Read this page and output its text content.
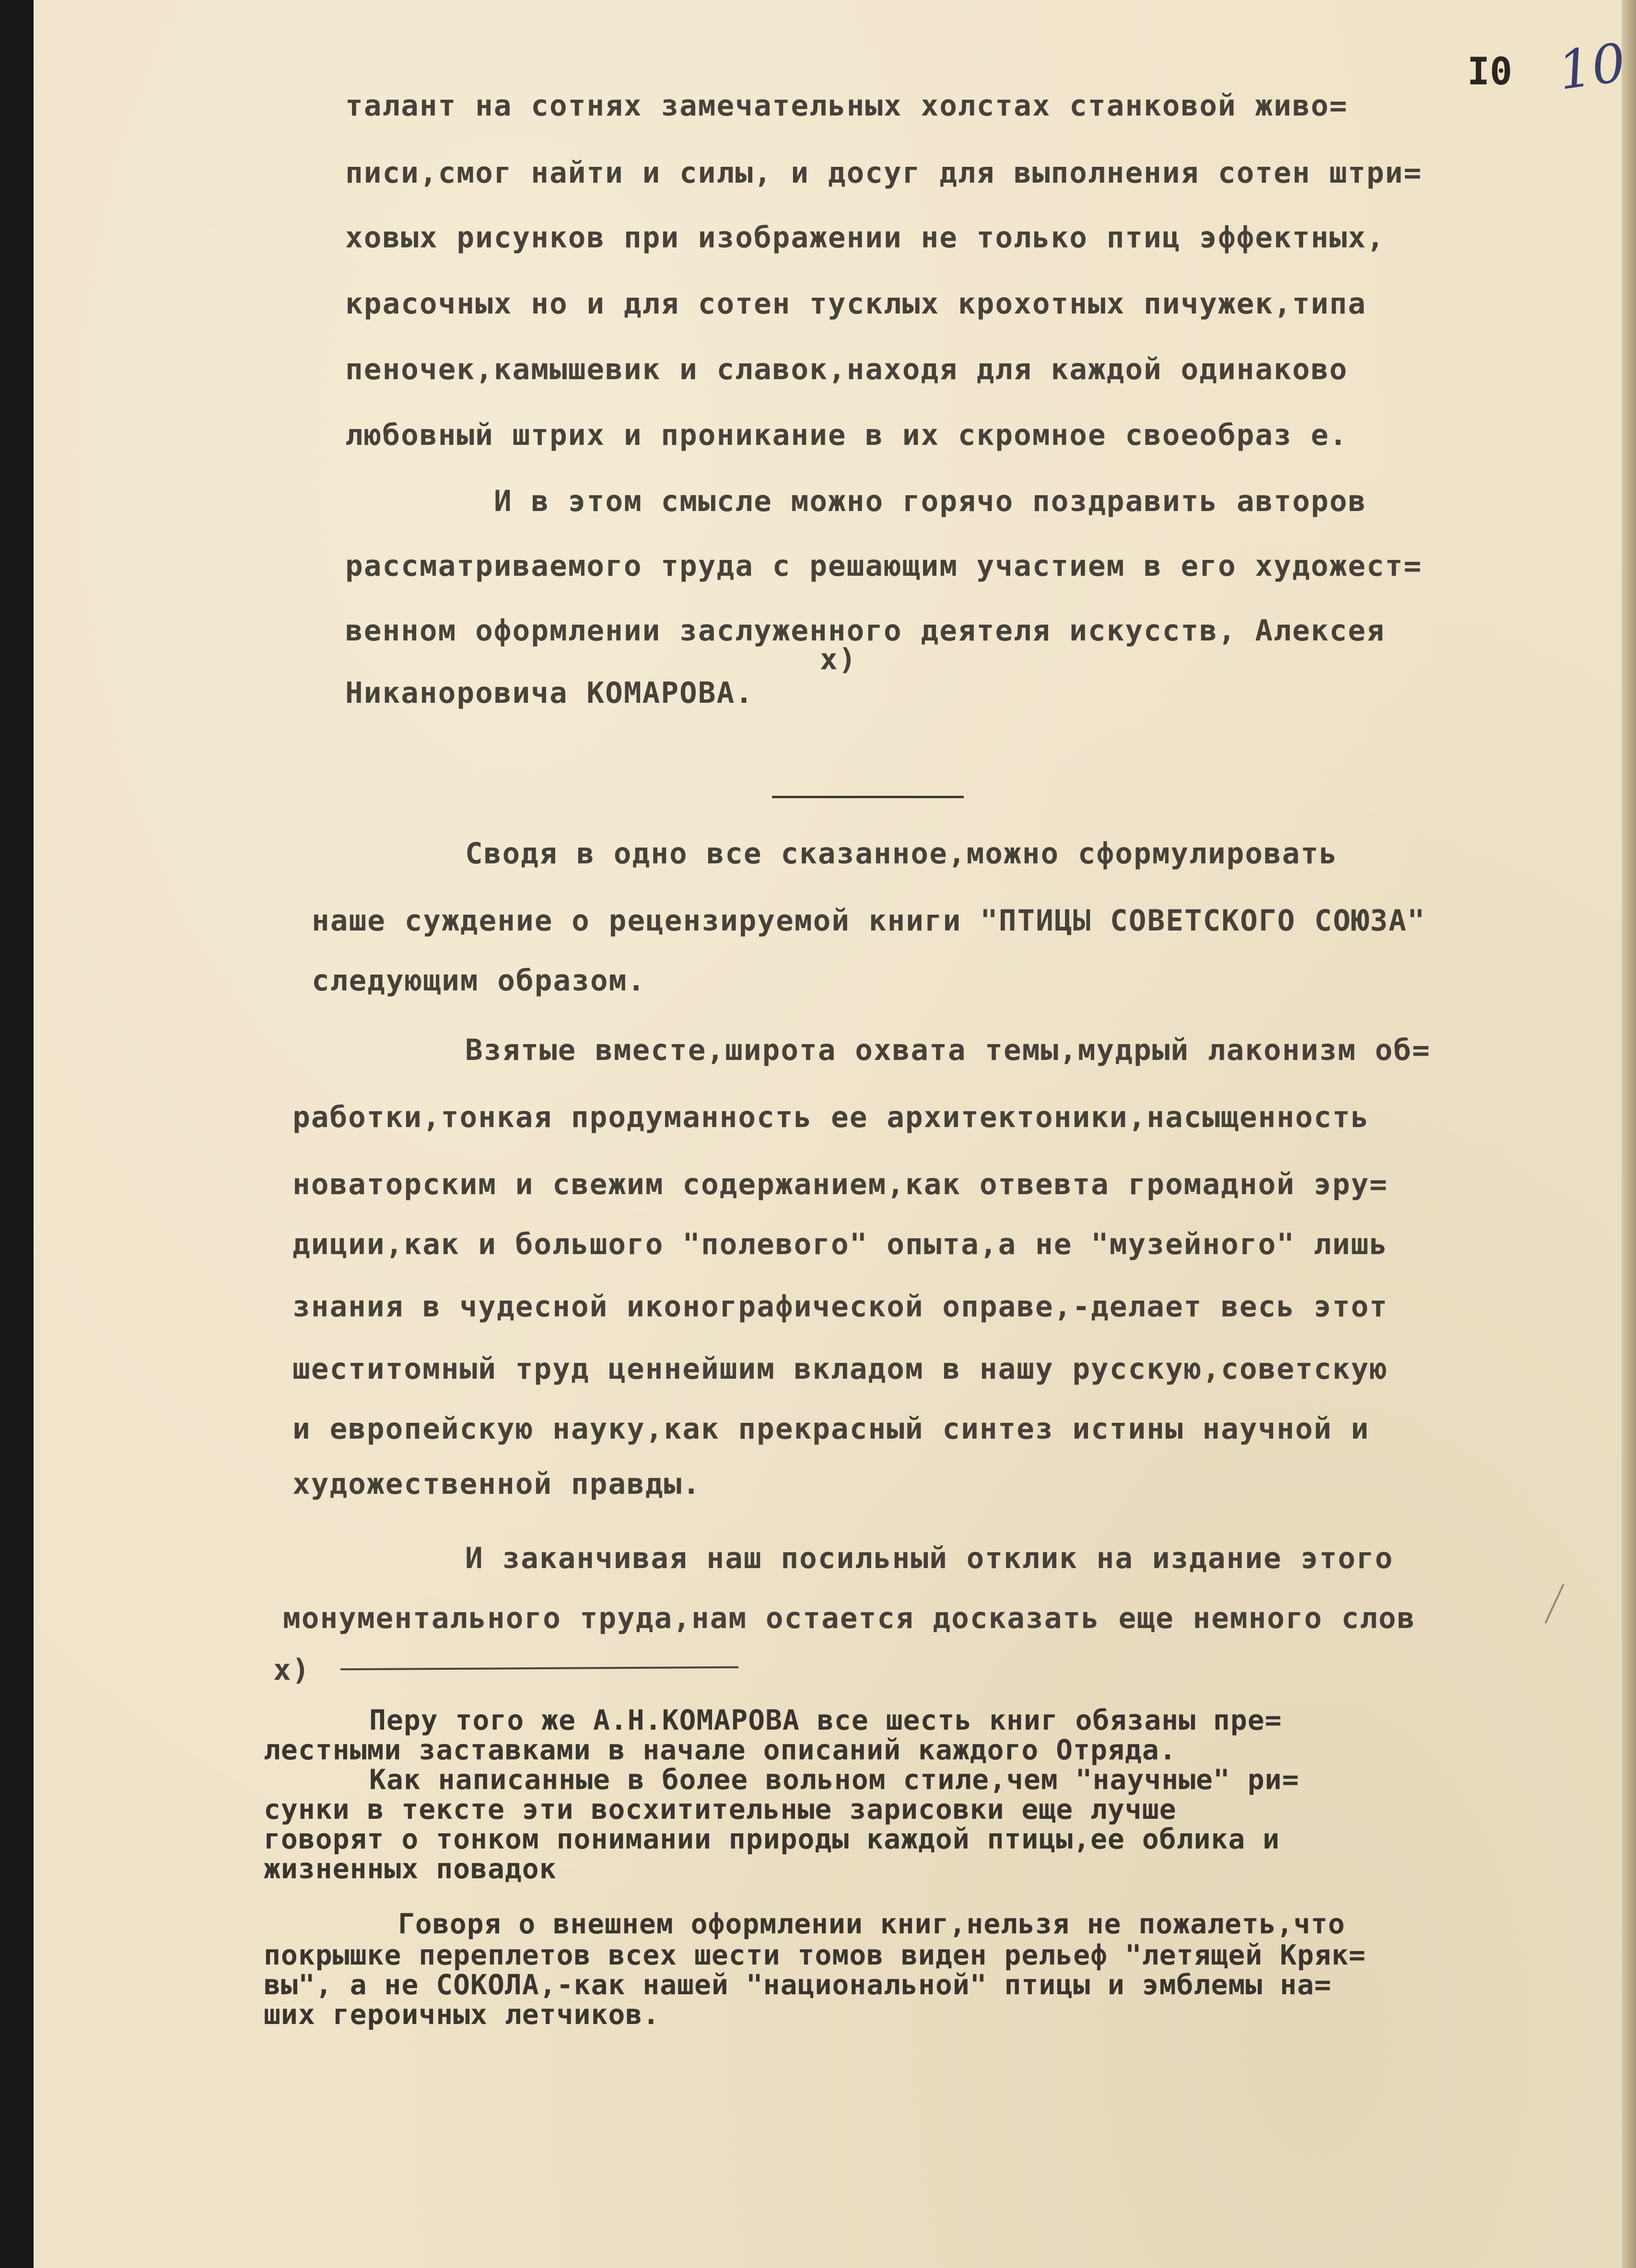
I0 10
талант на сотнях замечательных холстах станковой живо=
писи,смог найти и силы, и досуг для выполнения сотен штри=
ховых рисунков при изображении не только птиц эффектных,
красочных но и для сотен тусклых крохотных пичужек,типа
пеночек,камышевик и славок,находя для каждой одинаково
любовный штрих и проникание в их скромное своеобраз е.
И в этом смысле можно горячо поздравить авторов
рассматриваемого труда с решающим участием в его художест=
венном оформлении заслуженного деятеля искусств, Алексея
х)
Никаноровича КОМАРОВА.
Сводя в одно все сказанное,можно сформулировать
наше суждение о рецензируемой книги "ПТИЦЫ СОВЕТСКОГО СОЮЗА"
следующим образом.
Взятые вместе,широта охвата темы,мудрый лаконизм об=
работки,тонкая продуманность ее архитектоники,насыщенность
новаторским и свежим содержанием,как отвевта громадной эру=
диции,как и большого "полевого" опыта,а не "музейного" лишь
знания в чудесной иконографической оправе,-делает весь этот
шеститомный труд ценнейшим вкладом в нашу русскую,советскую
и европейскую науку,как прекрасный синтез истины научной и
художественной правды.
И заканчивая наш посильный отклик на издание этого
монументального труда,нам остается досказать еще немного слов
х)
Перу того же А.Н.КОМАРОВА все шесть книг обязаны пре=
лестными заставками в начале описаний каждого Отряда.
Как написанные в более вольном стиле,чем "научные" ри=
сунки в тексте эти восхитительные зарисовки еще лучше
говорят о тонком понимании природы каждой птицы,ее облика и
жизненных повадок
Говоря о внешнем оформлении книг,нельзя не пожалеть,что
покрышке переплетов всех шести томов виден рельеф "летящей Кряк=
вы", а не СОКОЛА,-как нашей "национальной" птицы и эмблемы на=
ших героичных летчиков.
